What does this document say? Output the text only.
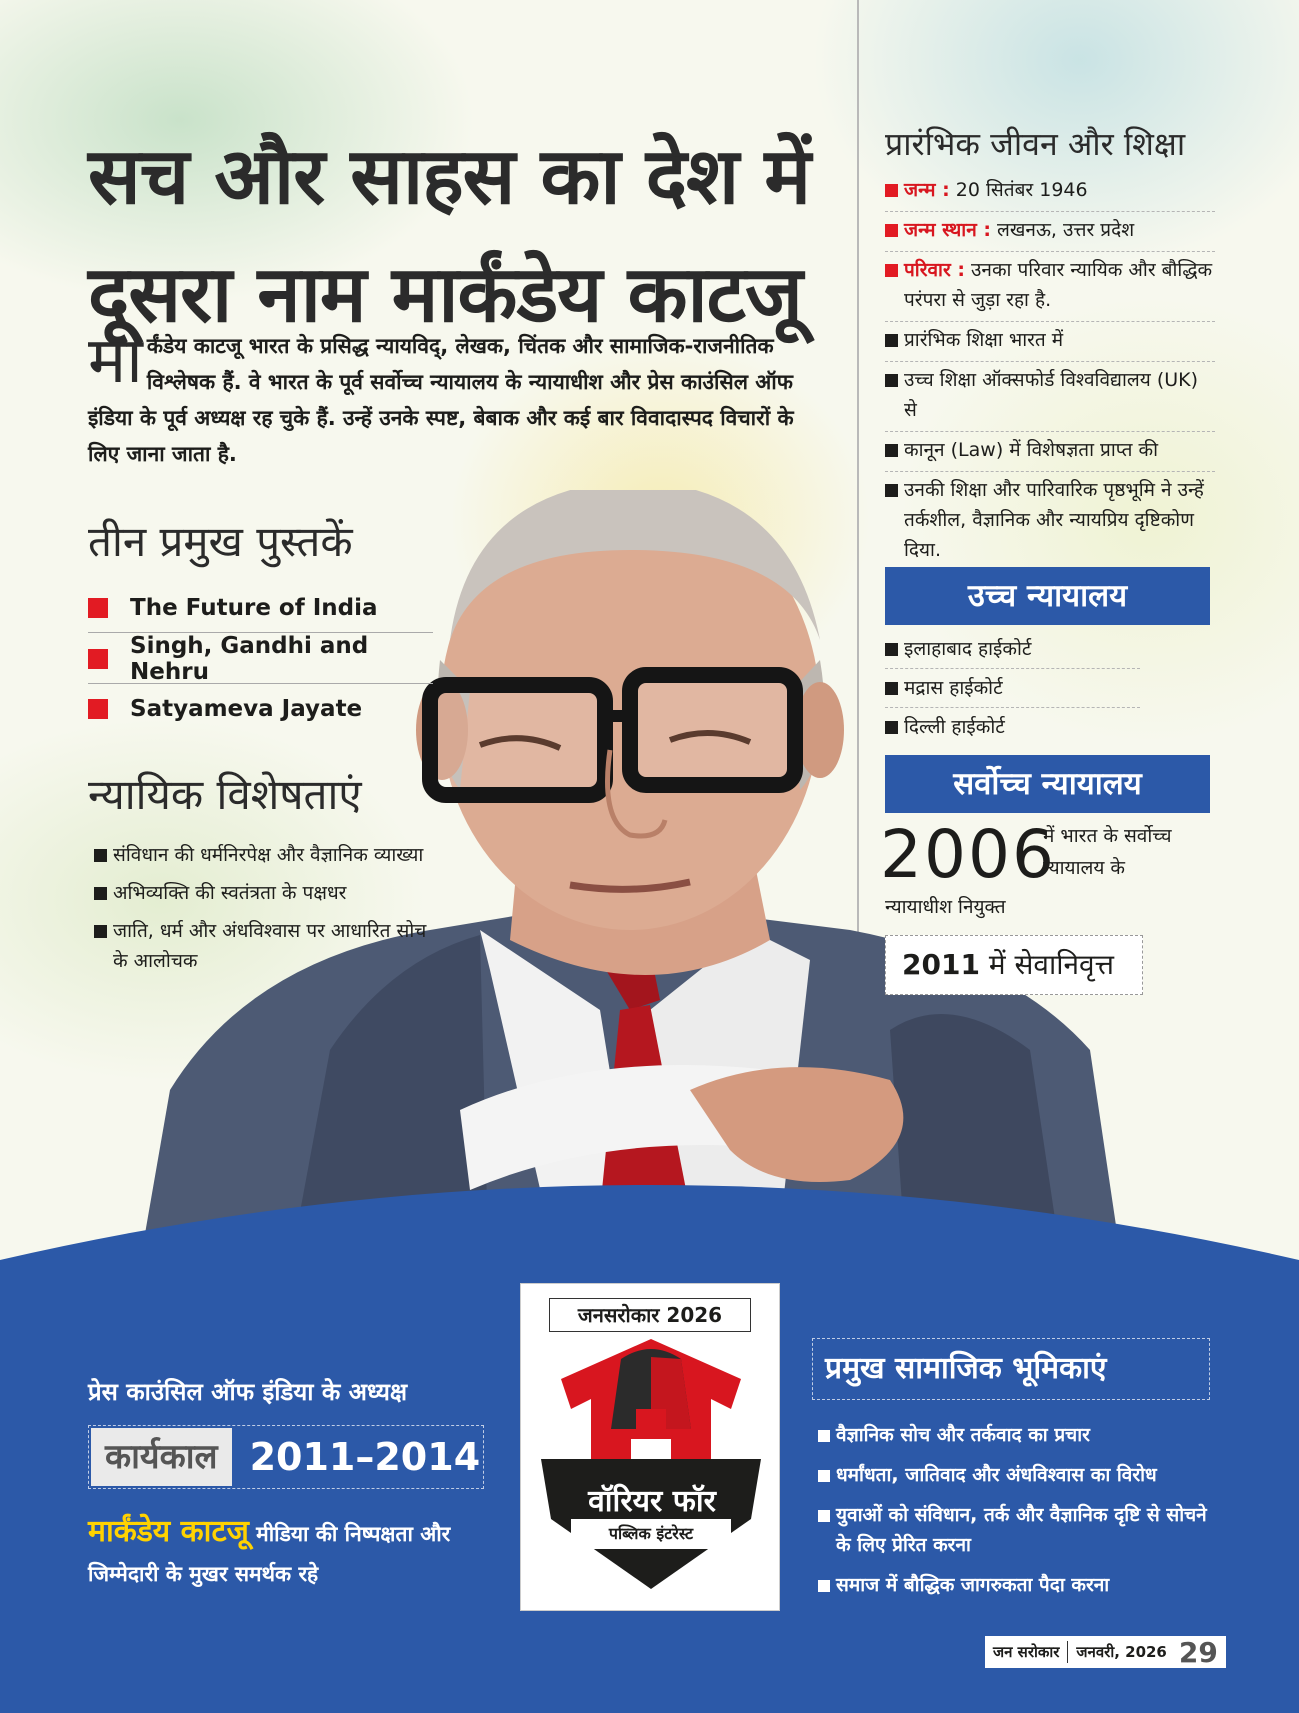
सच और साहस का देश में
दूसरा नाम मार्कंडेय काटजू
मार्कंडेय काटजू भारत के प्रसिद्ध न्यायविद्, लेखक, चिंतक और सामाजिक-राजनीतिक विश्लेषक हैं. वे भारत के पूर्व सर्वोच्च न्यायालय के न्यायाधीश और प्रेस काउंसिल ऑफ इंडिया के पूर्व अध्यक्ष रह चुके हैं. उन्हें उनके स्पष्ट, बेबाक और कई बार विवादास्पद विचारों के लिए जाना जाता है.
तीन प्रमुख पुस्तकें
The Future of India
Singh, Gandhi and Nehru
Satyameva Jayate
न्यायिक विशेषताएं
संविधान की धर्मनिरपेक्ष और वैज्ञानिक व्याख्या
अभिव्यक्ति की स्वतंत्रता के पक्षधर
जाति, धर्म और अंधविश्वास पर आधारित सोच के आलोचक
प्रारंभिक जीवन और शिक्षा
जन्म : 20 सितंबर 1946
जन्म स्थान : लखनऊ, उत्तर प्रदेश
परिवार : उनका परिवार न्यायिक और बौद्धिक परंपरा से जुड़ा रहा है.
प्रारंभिक शिक्षा भारत में
उच्च शिक्षा ऑक्सफोर्ड विश्वविद्यालय (UK) से
कानून (Law) में विशेषज्ञता प्राप्त की
उनकी शिक्षा और पारिवारिक पृष्ठभूमि ने उन्हें तर्कशील, वैज्ञानिक और न्यायप्रिय दृष्टिकोण दिया.
उच्च न्यायालय
इलाहाबाद हाईकोर्ट
मद्रास हाईकोर्ट
दिल्ली हाईकोर्ट
सर्वोच्च न्यायालय
2006
में भारत के सर्वोच्च न्यायालय के
न्यायाधीश नियुक्त
2011 में सेवानिवृत्त
प्रेस काउंसिल ऑफ इंडिया के अध्यक्ष
कार्यकाल 2011–2014
मार्कंडेय काटजू मीडिया की निष्पक्षता और जिम्मेदारी के मुखर समर्थक रहे
जनसरोकार 2026
वॉरियर फॉर
पब्लिक इंटरेस्ट
प्रमुख सामाजिक भूमिकाएं
वैज्ञानिक सोच और तर्कवाद का प्रचार
धर्मांधता, जातिवाद और अंधविश्वास का विरोध
युवाओं को संविधान, तर्क और वैज्ञानिक दृष्टि से सोचने के लिए प्रेरित करना
समाज में बौद्धिक जागरुकता पैदा करना
जन सरोकार	जनवरी, 2026 29
